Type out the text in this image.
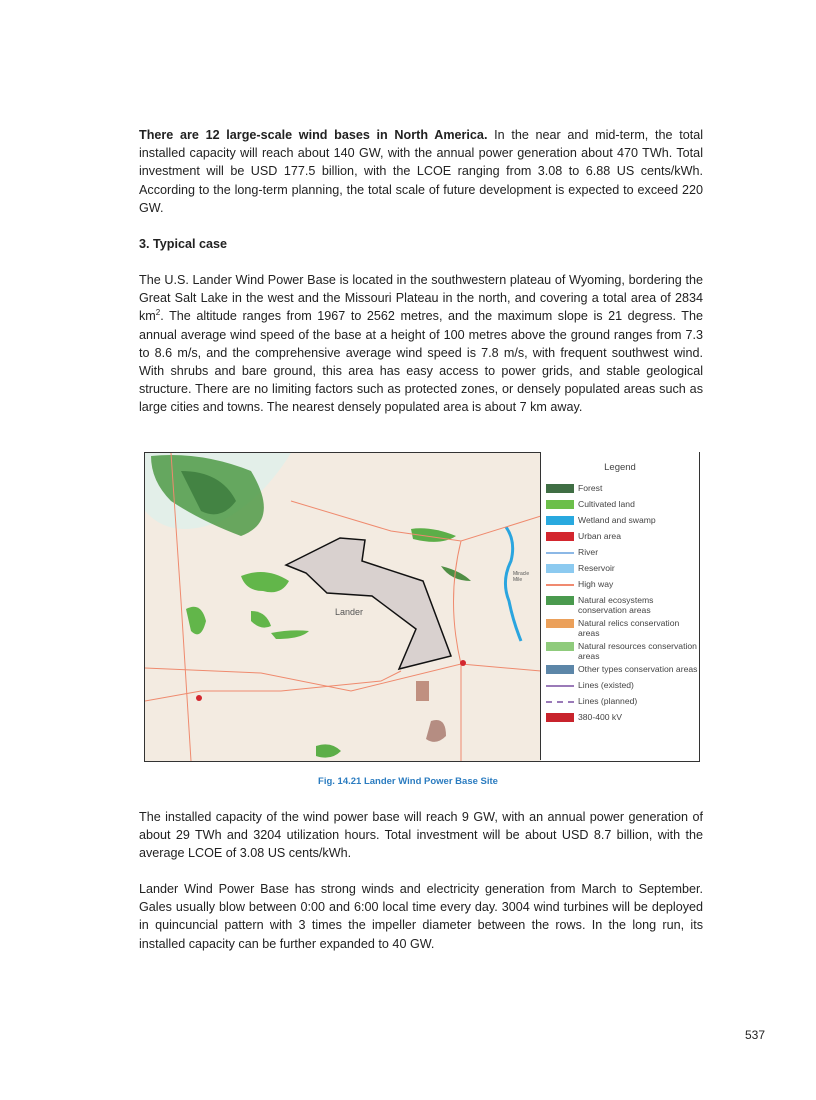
There are 12 large-scale wind bases in North America. In the near and mid-term, the total installed capacity will reach about 140 GW, with the annual power generation about 470 TWh. Total investment will be USD 177.5 billion, with the LCOE ranging from 3.08 to 6.88 US cents/kWh. According to the long-term planning, the total scale of future development is expected to exceed 220 GW.

3. Typical case

The U.S. Lander Wind Power Base is located in the southwestern plateau of Wyoming, bordering the Great Salt Lake in the west and the Missouri Plateau in the north, and covering a total area of 2834 $km^2$. The altitude ranges from 1967 to 2562 metres, and the maximum slope is 21 degress. The annual average wind speed of the base at a height of 100 metres above the ground ranges from 7.3 to 8.6 m/s, and the comprehensive average wind speed is 7.8 m/s, with frequent southwest wind. With shrubs and bare ground, this area has easy access to power grids, and stable geological structure. There are no limiting factors such as protected zones, or densely populated areas such as large cities and towns. The nearest densely populated area is about 7 km away.

Lander
Miracle Mile
Legend
Forest
Cultivated land
Wetland and swamp
Urban area
River
Reservoir
High way
Natural ecosystems conservation areas
Natural relics conservation areas
Natural resources conservation areas
Other types conservation areas
Lines (existed)
Lines (planned)
380-400 kV
Fig. 14.21 Lander Wind Power Base Site

The installed capacity of the wind power base will reach 9 GW, with an annual power generation of about 29 TWh and 3204 utilization hours. Total investment will be about USD 8.7 billion, with the average LCOE of 3.08 US cents/kWh.

Lander Wind Power Base has strong winds and electricity generation from March to September. Gales usually blow between 0:00 and 6:00 local time every day. 3004 wind turbines will be deployed in quincuncial pattern with 3 times the impeller diameter between the rows. In the long run, its installed capacity can be further expanded to 40 GW.

537
